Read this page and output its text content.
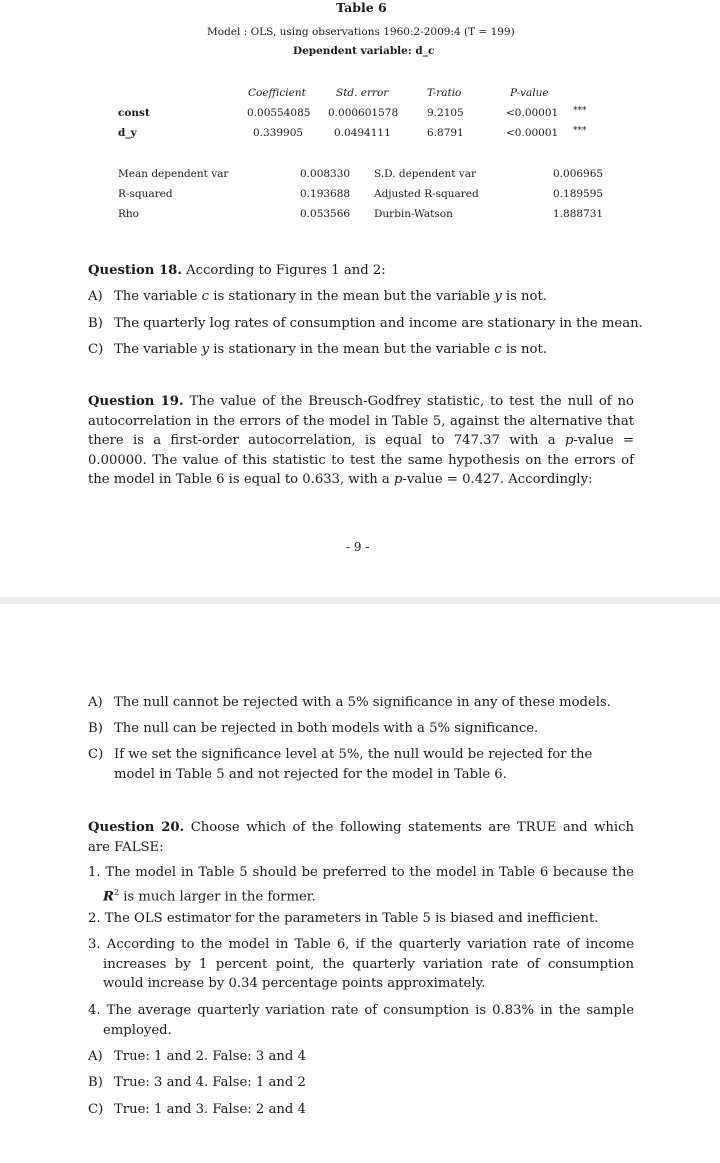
Table 6
Model : OLS, using observations 1960:2-2009:4 (T = 199)
Dependent variable: d_c
Coefficient	Std. error	T-ratio	P-value
const	0.00554085 0.000601578	9.2105	<0.00001 ***
d_y	0.339905	0.0494111	6.8791	<0.00001 ***
Mean dependent var	0.008330 S.D. dependent var	0.006965
R-squared	0.193688 Adjusted R-squared	0.189595
Rho	0.053566 Durbin-Watson	1.888731
Question 18. According to Figures 1 and 2:
A) The variable c is stationary in the mean but the variable y is not.
B) The quarterly log rates of consumption and income are stationary in the mean.
C) The variable y is stationary in the mean but the variable c is not.
Question 19. The value of the Breusch-Godfrey statistic, to test the null of no autocorrelation in the errors of the model in Table 5, against the alternative that there is a first-order autocorrelation, is equal to 747.37 with a p-value = 0.00000. The value of this statistic to test the same hypothesis on the errors of the model in Table 6 is equal to 0.633, with a p-value = 0.427. Accordingly:
- 9 -
A) The null cannot be rejected with a 5% significance in any of these models.
B) The null can be rejected in both models with a 5% significance.
C) If we set the significance level at 5%, the null would be rejected for the model in Table 5 and not rejected for the model in Table 6.
Question 20. Choose which of the following statements are TRUE and which are FALSE:
1. The model in Table 5 should be preferred to the model in Table 6 because the $R^2$ is much larger in the former.
2. The OLS estimator for the parameters in Table 5 is biased and inefficient.
3. According to the model in Table 6, if the quarterly variation rate of income increases by 1 percent point, the quarterly variation rate of consumption would increase by 0.34 percentage points approximately.
4. The average quarterly variation rate of consumption is 0.83% in the sample employed.
A) True: 1 and 2. False: 3 and 4
B) True: 3 and 4. False: 1 and 2
C) True: 1 and 3. False: 2 and 4
